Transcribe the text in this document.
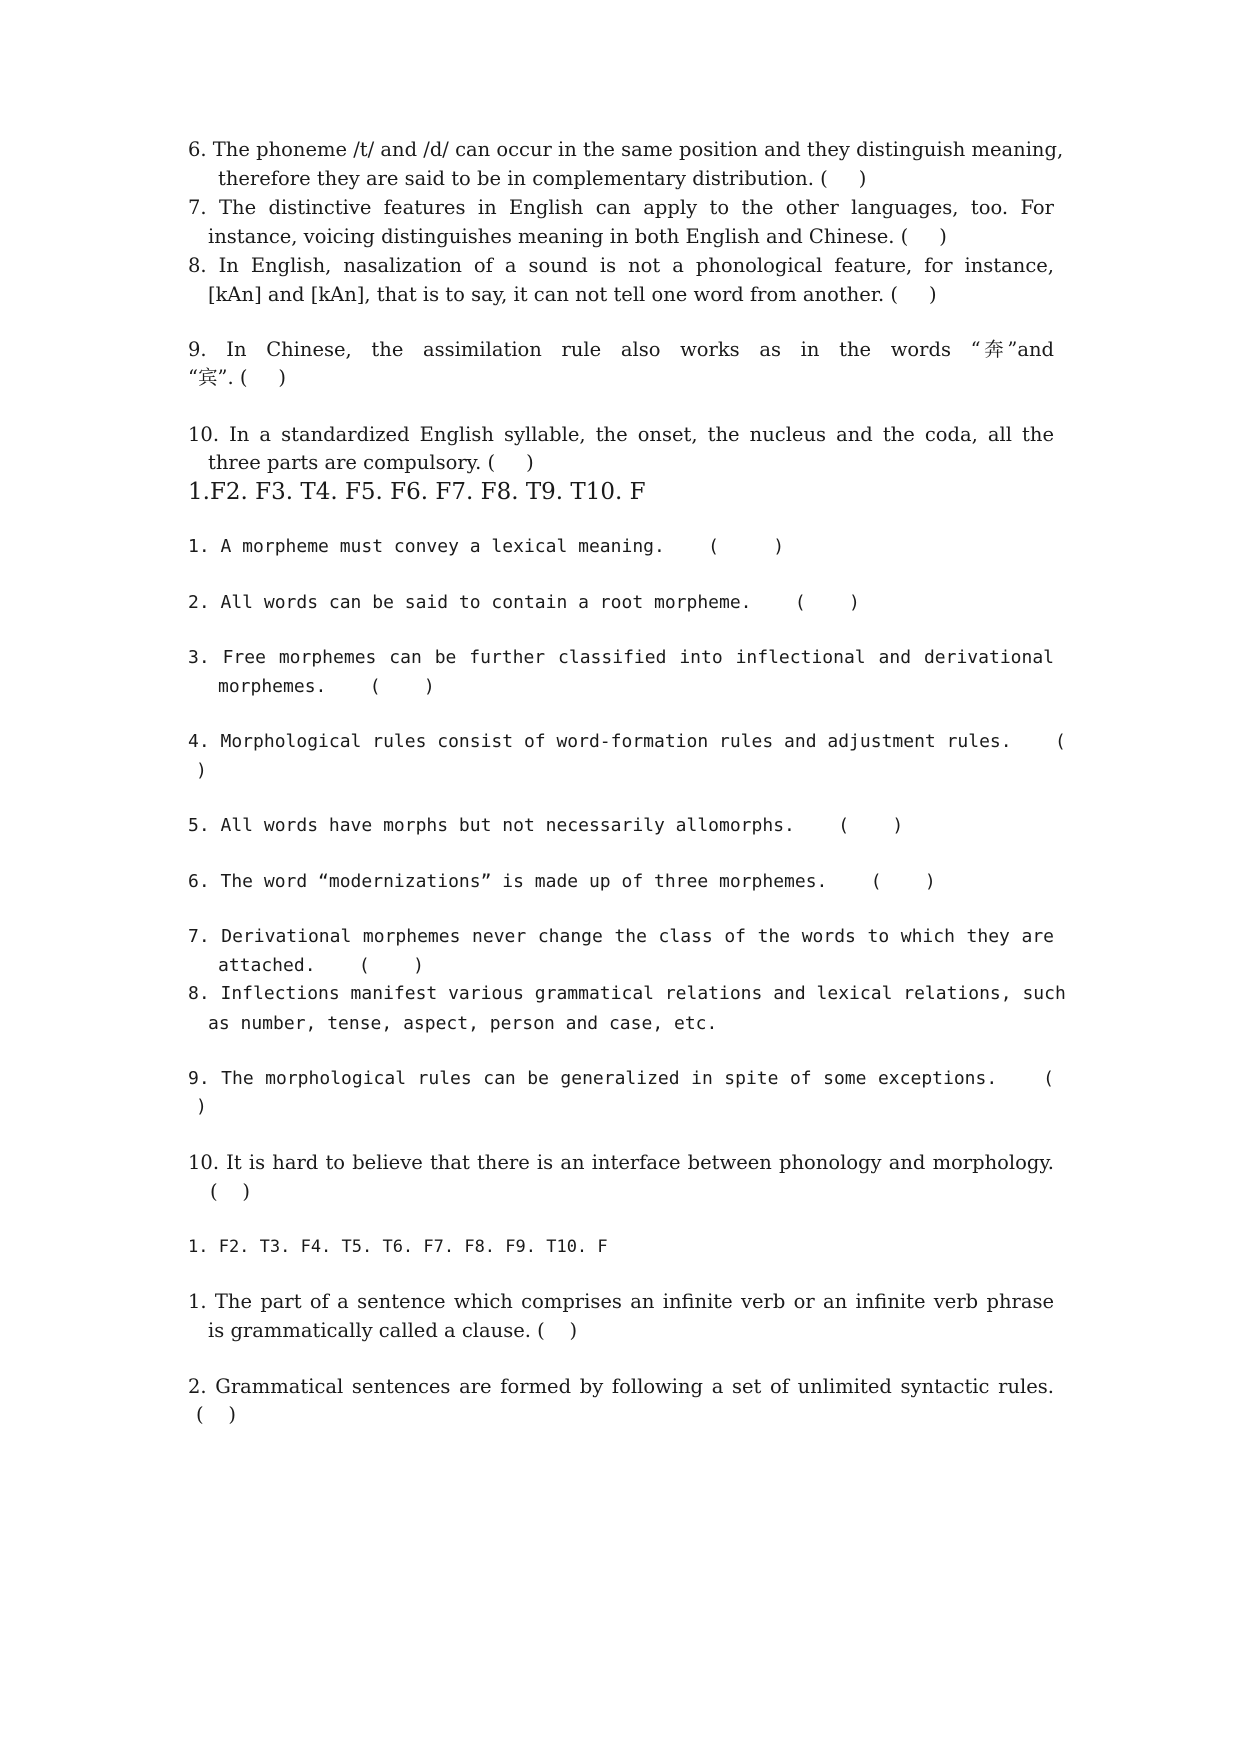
6. The phoneme /t/ and /d/ can occur in the same position and they distinguish meaning,
therefore they are said to be in complementary distribution. (     )
7. The distinctive features in English can apply to the other languages, too. For
instance, voicing distinguishes meaning in both English and Chinese. (     )
8. In English, nasalization of a sound is not a phonological feature, for instance,
[kAn] and [kAn], that is to say, it can not tell one word from another. (     )
9.  In  Chinese,  the  assimilation  rule  also  works  as  in  the  words  “奔”and
“宾”. (     )
10. In a standardized English syllable, the onset, the nucleus and the coda, all the
three parts are compulsory. (     )
1.F2. F3. T4. F5. F6. F7. F8. T9. T10. F
1. A morpheme must convey a lexical meaning.    (     )
2. All words can be said to contain a root morpheme.    (    )
3. Free morphemes can be further classified into inflectional and derivational
morphemes.    (    )
4. Morphological rules consist of word-formation rules and adjustment rules.    (
)
5. All words have morphs but not necessarily allomorphs.    (    )
6. The word “modernizations” is made up of three morphemes.    (    )
7. Derivational morphemes never change the class of the words to which they are
attached.    (    )
8. Inflections manifest various grammatical relations and lexical relations, such
as number, tense, aspect, person and case, etc.
9. The morphological rules can be generalized in spite of some exceptions.    (
)
10. It is hard to believe that there is an interface between phonology and morphology.
(    )
1. F2. T3. F4. T5. T6. F7. F8. F9. T10. F
1. The part of a sentence which comprises an infinite verb or an infinite verb phrase
is grammatically called a clause. (    )
2. Grammatical sentences are formed by following a set of unlimited syntactic rules.
(    )
